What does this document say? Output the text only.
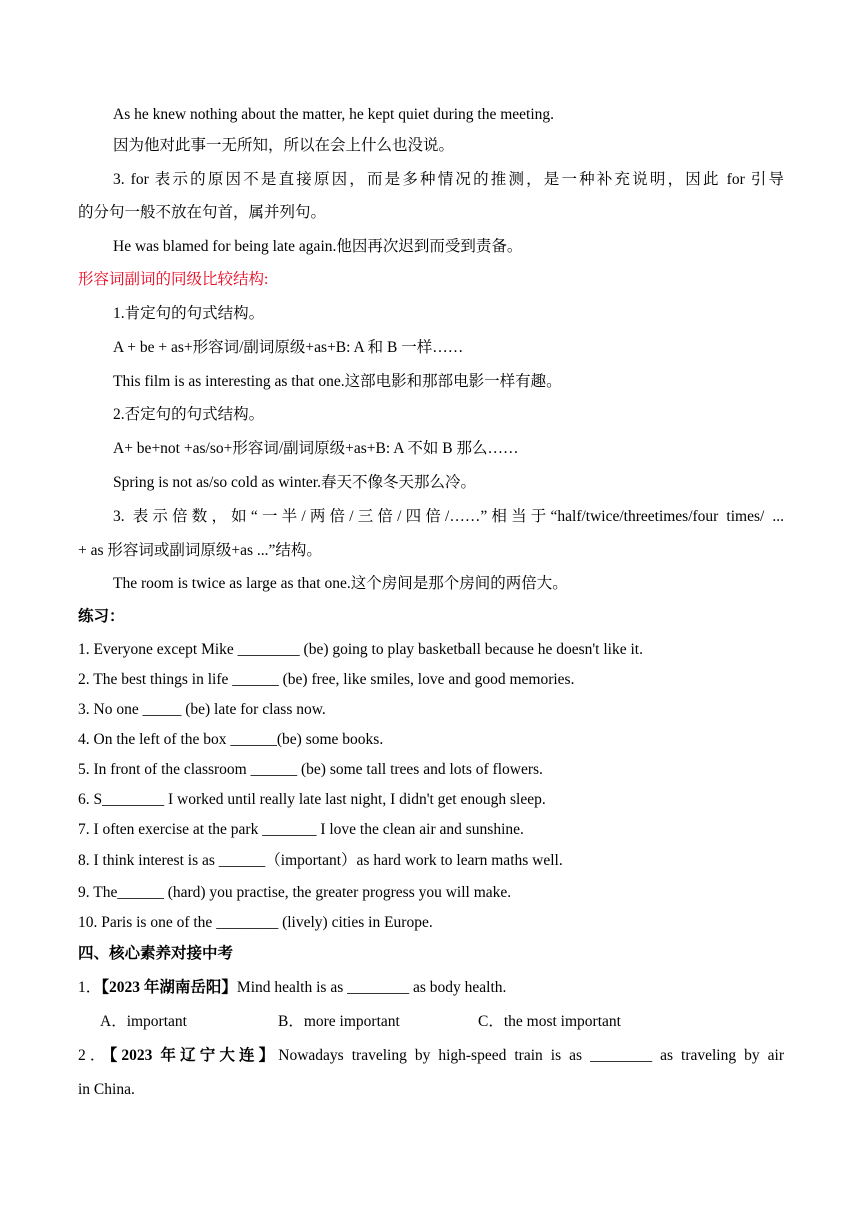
As he knew nothing about the matter, he kept quiet during the meeting.
因为他对此事一无所知，所以在会上什么也没说。
3. for 表示的原因不是直接原因，而是多种情况的推测，是一种补充说明，因此 for 引导
的分句一般不放在句首，属并列句。
He was blamed for being late again.他因再次迟到而受到责备。
形容词副词的同级比较结构:
1.肯定句的句式结构。
A + be + as+形容词/副词原级+as+B: A 和 B 一样……
This film is as interesting as that one.这部电影和那部电影一样有趣。
2.否定句的句式结构。
A+ be+not +as/so+形容词/副词原级+as+B: A 不如 B 那么……
Spring is not as/so cold as winter.春天不像冬天那么冷。
3. 表示倍数，如“一半/两倍/三倍/四倍/……”相当于“half/twice/threetimes/four times/ ...
+ as 形容词或副词原级+as ...”结构。
The room is twice as large as that one.这个房间是那个房间的两倍大。
练习：
1. Everyone except Mike ________ (be) going to play basketball because he doesn't like it.
2. The best things in life ______ (be) free, like smiles, love and good memories.
3. No one _____ (be) late for class now.
4. On the left of the box ______(be) some books.
5. In front of the classroom ______ (be) some tall trees and lots of flowers.
6. S________ I worked until really late last night, I didn't get enough sleep.
7. I often exercise at the park _______ I love the clean air and sunshine.
8. I think interest is as ______（important）as hard work to learn maths well.
9. The______ (hard) you practise, the greater progress you will make.
10. Paris is one of the ________ (lively) cities in Europe.
四、核心素养对接中考
1．【2023 年湖南岳阳】Mind health is as ________ as body health.
A．important	B．more important	C．the most important
2．【2023 年辽宁大连】Nowadays traveling by high-speed train is as ________ as traveling by air
in China.
